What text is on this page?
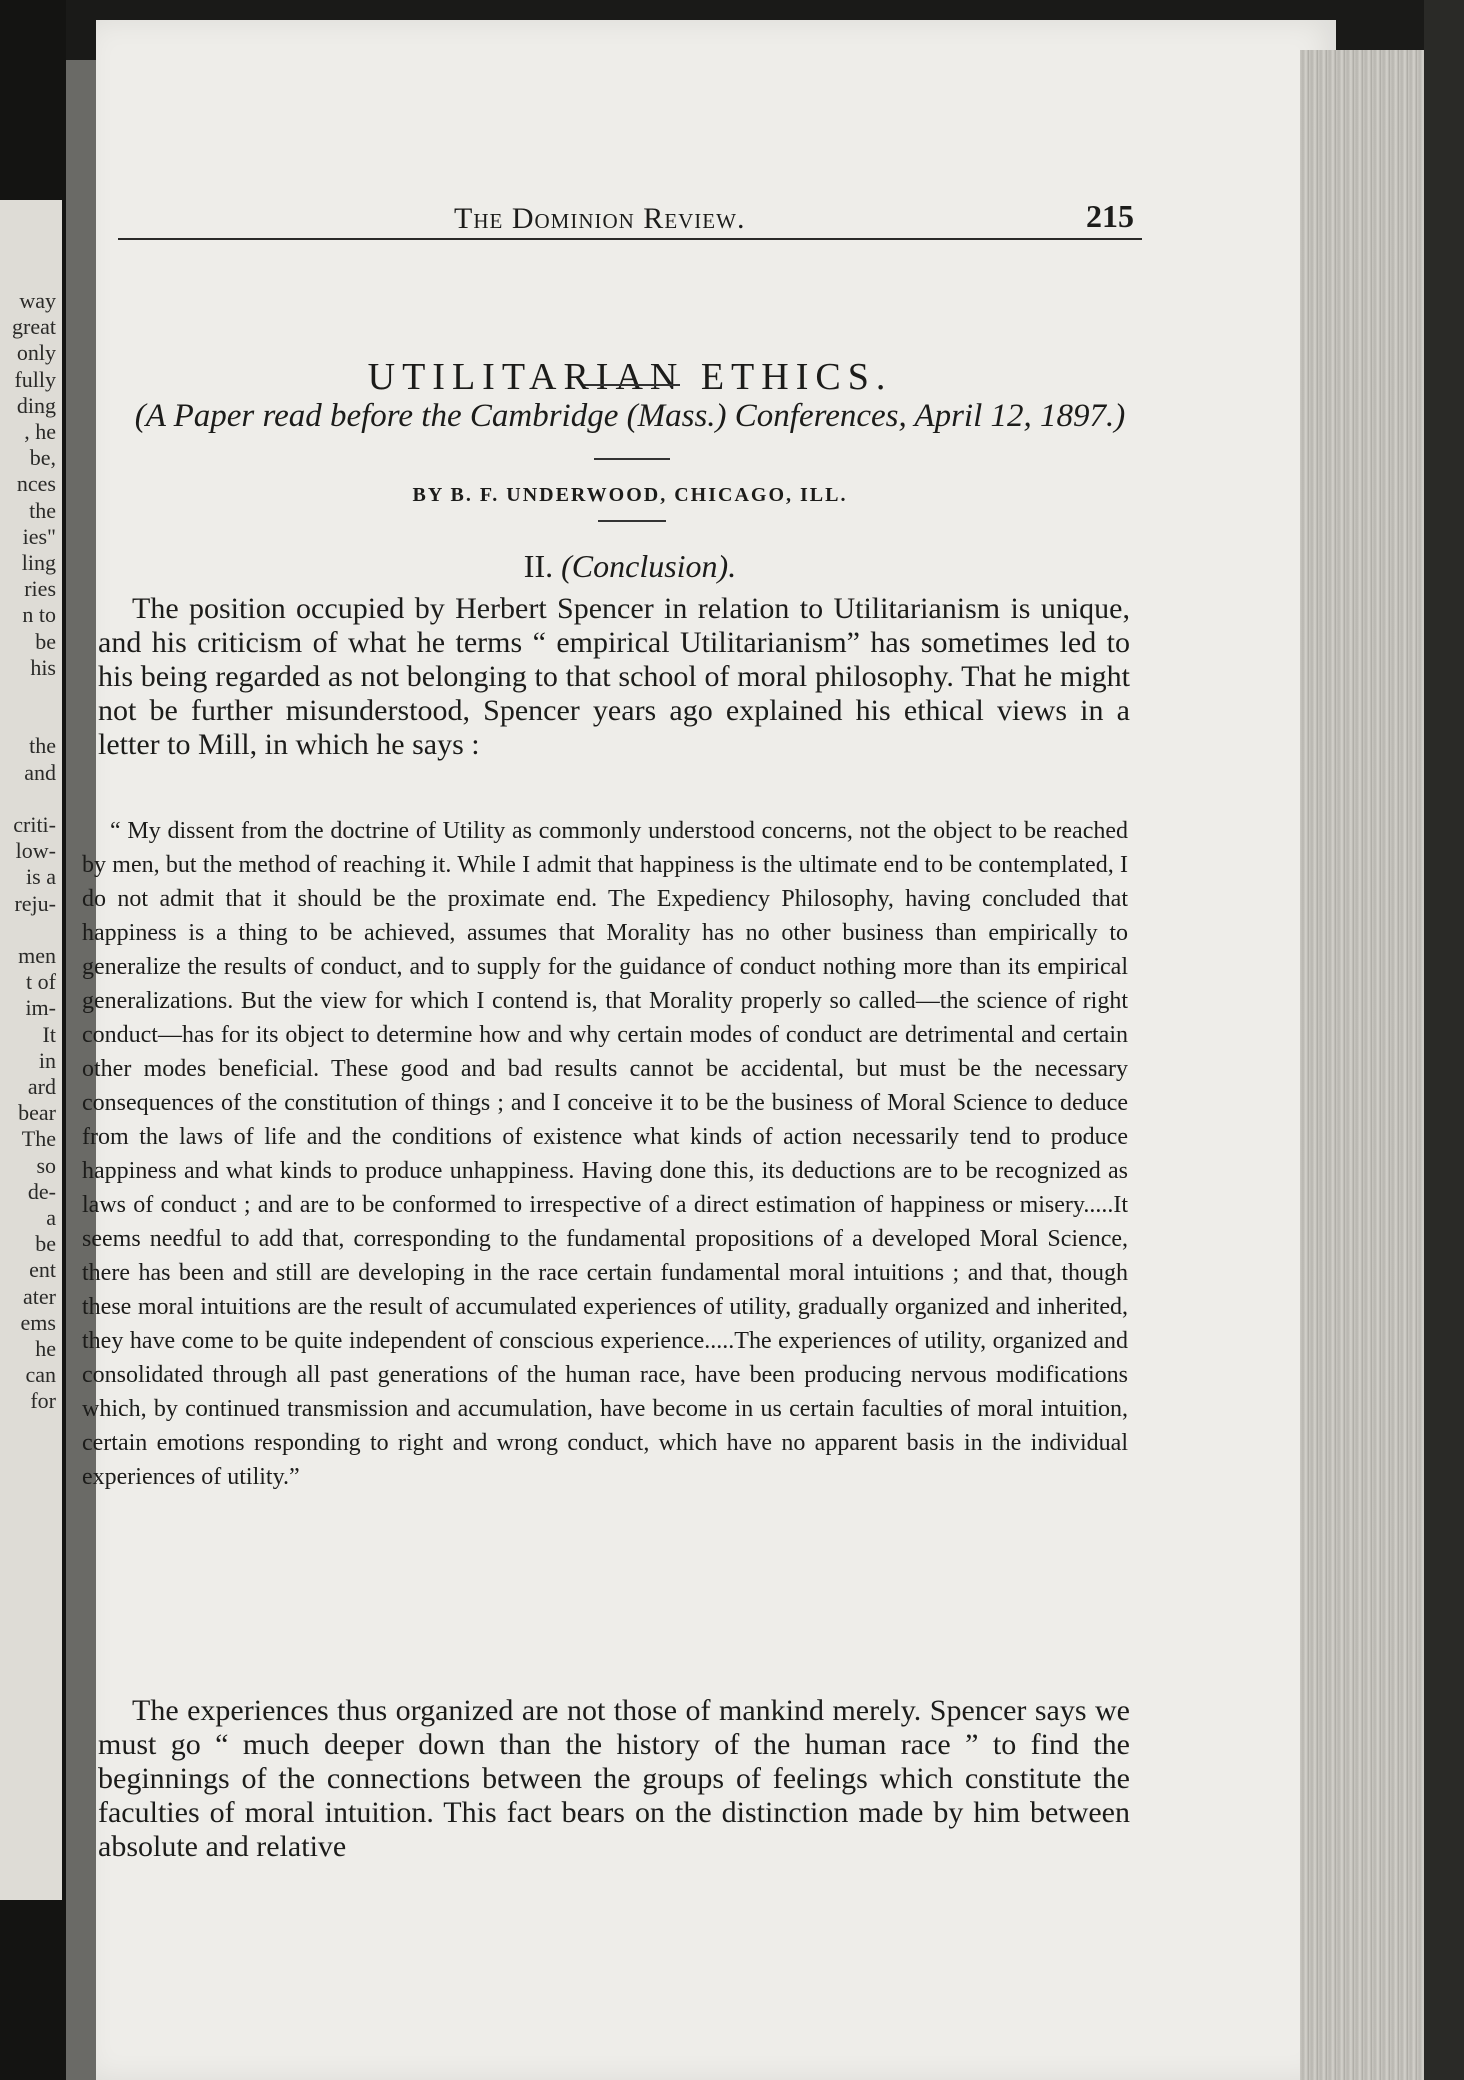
way
great
only
fully
ding
, he
be,
nces
the
ies"
ling
ries
n to
be
his
the
and
criti-
low-
is a
reju-
men
t of
im-
It
in
ard
bear
The
so
de-
a
be
ent
ater
ems
he
can
for
The Dominion Review.	215
UTILITARIAN ETHICS.
(A Paper read before the Cambridge (Mass.) Conferences, April 12, 1897.)
BY B. F. UNDERWOOD, CHICAGO, ILL.
II. (Conclusion).

The position occupied by Herbert Spencer in relation to Utilitarianism is unique, and his criticism of what he terms “ empirical Utilitarianism” has sometimes led to his being regarded as not belonging to that school of moral philosophy. That he might not be further misunderstood, Spencer years ago explained his ethical views in a letter to Mill, in which he says :

“ My dissent from the doctrine of Utility as commonly understood concerns, not the object to be reached by men, but the method of reaching it. While I admit that happiness is the ultimate end to be contemplated, I do not admit that it should be the proximate end. The Expediency Philosophy, having concluded that happiness is a thing to be achieved, assumes that Morality has no other business than empirically to generalize the results of conduct, and to supply for the guidance of conduct nothing more than its empirical generalizations. But the view for which I contend is, that Morality properly so called—the science of right conduct—has for its object to determine how and why certain modes of conduct are detrimental and certain other modes beneficial. These good and bad results cannot be accidental, but must be the necessary consequences of the constitution of things ; and I conceive it to be the business of Moral Science to deduce from the laws of life and the conditions of existence what kinds of action necessarily tend to produce happiness and what kinds to produce unhappiness. Having done this, its deductions are to be recognized as laws of conduct ; and are to be conformed to irrespective of a direct estimation of happiness or misery.....It seems needful to add that, corresponding to the fundamental propositions of a developed Moral Science, there has been and still are developing in the race certain fundamental moral intuitions ; and that, though these moral intuitions are the result of accumulated experiences of utility, gradually organized and inherited, they have come to be quite independent of conscious experience.....The experiences of utility, organized and consolidated through all past generations of the human race, have been producing nervous modifications which, by continued transmission and accumulation, have become in us certain faculties of moral intuition, certain emotions responding to right and wrong conduct, which have no apparent basis in the individual experiences of utility.”

The experiences thus organized are not those of mankind merely. Spencer says we must go “ much deeper down than the history of the human race ” to find the beginnings of the connections between the groups of feelings which constitute the faculties of moral intuition. This fact bears on the distinction made by him between absolute and relative
